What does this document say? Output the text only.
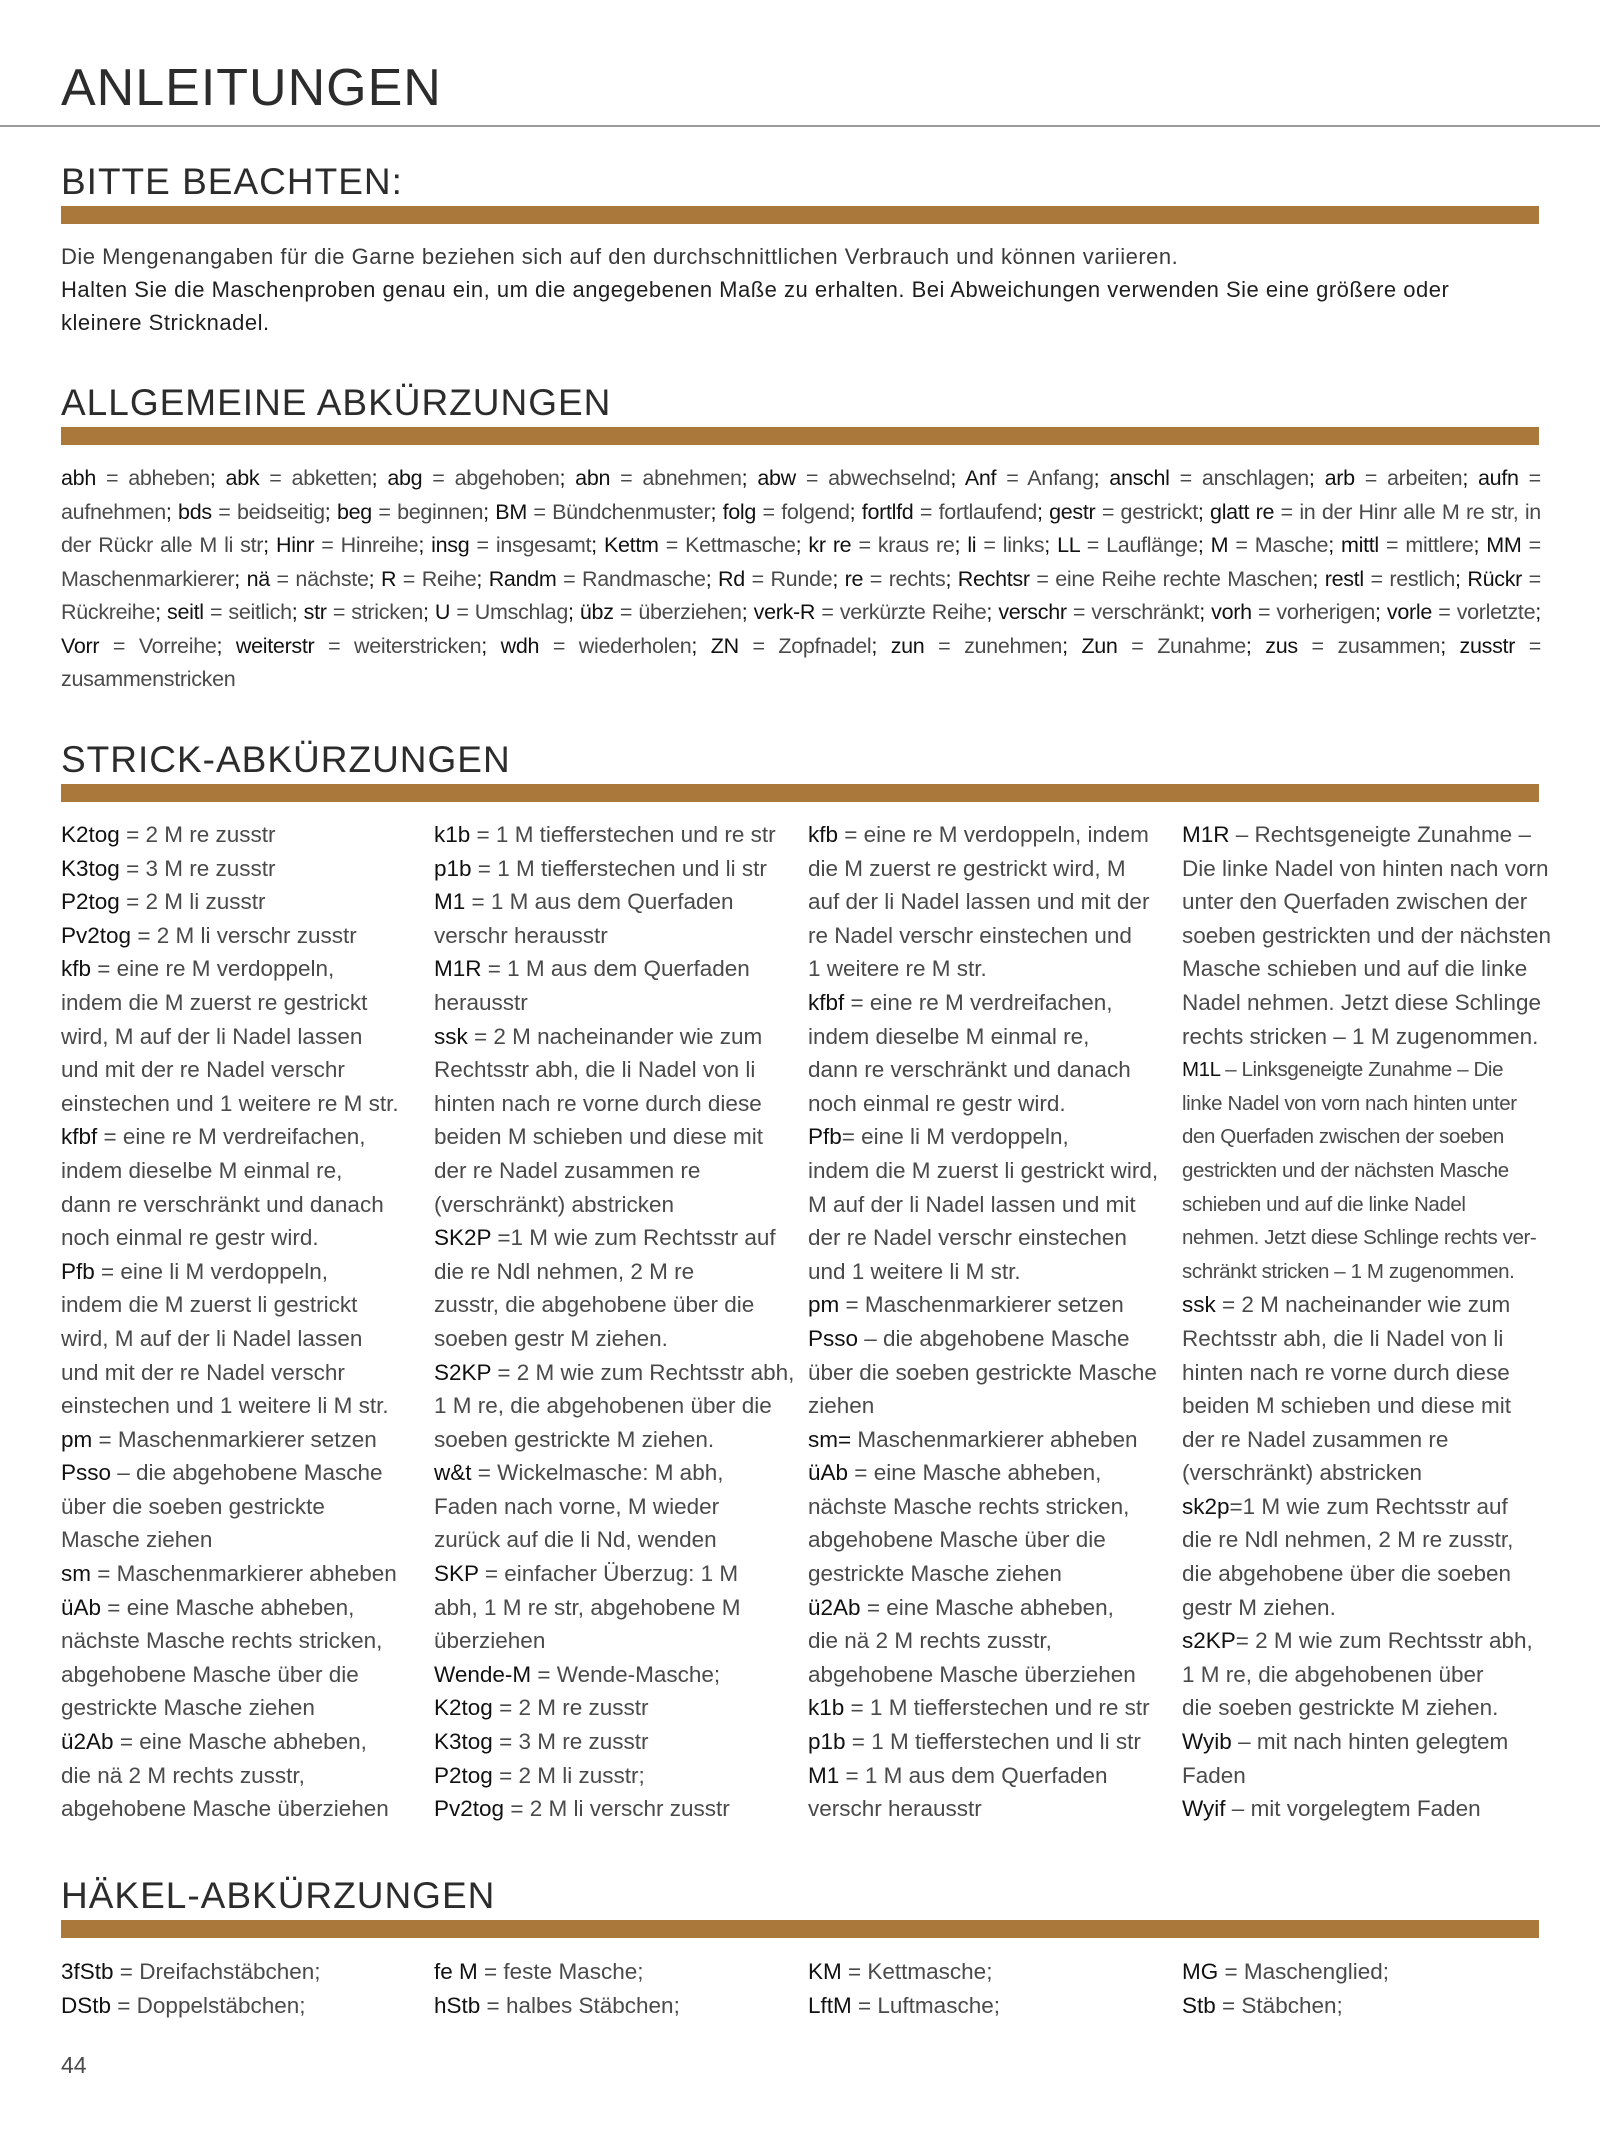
ANLEITUNGEN
BITTE BEACHTEN:
Die Mengenangaben für die Garne beziehen sich auf den durchschnittlichen Verbrauch und können variieren.
Halten Sie die Maschenproben genau ein, um die angegebenen Maße zu erhalten. Bei Abweichungen verwenden Sie eine größere oder
kleinere Stricknadel.
ALLGEMEINE ABKÜRZUNGEN
abh = abheben; abk = abketten; abg = abgehoben; abn = abnehmen; abw = abwechselnd; Anf = Anfang; anschl = anschlagen; arb = arbeiten; aufn = aufnehmen; bds = beidseitig; beg = beginnen; BM = Bündchenmuster; folg = folgend; fortlfd = fortlaufend; gestr = gestrickt; glatt re = in der Hinr alle M re str, in der Rückr alle M li str; Hinr = Hinreihe; insg = insgesamt; Kettm = Kettmasche; kr re = kraus re; li = links; LL = Lauflänge; M = Masche; mittl = mittlere; MM = Maschenmarkierer; nä = nächste; R = Reihe; Randm = Randmasche; Rd = Runde; re = rechts; Rechtsr = eine Reihe rechte Maschen; restl = restlich; Rückr = Rückreihe; seitl = seitlich; str = stricken; U = Umschlag; übz = überziehen; verk-R = verkürzte Reihe; verschr = verschränkt; vorh = vorherigen; vorle = vorletzte; Vorr = Vorreihe; weiterstr = weiterstricken; wdh = wiederholen; ZN = Zopfnadel; zun = zunehmen; Zun = Zunahme; zus = zusammen; zusstr = zusammenstricken
STRICK-ABKÜRZUNGEN
K2tog = 2 M re zusstr
K3tog = 3 M re zusstr
P2tog = 2 M li zusstr
Pv2tog = 2 M li verschr zusstr
kfb = eine re M verdoppeln,
indem die M zuerst re gestrickt
wird, M auf der li Nadel lassen
und mit der re Nadel verschr
einstechen und 1 weitere re M str.
kfbf = eine re M verdreifachen,
indem dieselbe M einmal re,
dann re verschränkt und danach
noch einmal re gestr wird.
Pfb = eine li M verdoppeln,
indem die M zuerst li gestrickt
wird, M auf der li Nadel lassen
und mit der re Nadel verschr
einstechen und 1 weitere li M str.
pm = Maschenmarkierer setzen
Psso – die abgehobene Masche
über die soeben gestrickte
Masche ziehen
sm = Maschenmarkierer abheben
üAb = eine Masche abheben,
nächste Masche rechts stricken,
abgehobene Masche über die
gestrickte Masche ziehen
ü2Ab = eine Masche abheben,
die nä 2 M rechts zusstr,
abgehobene Masche überziehen
k1b = 1 M tiefferstechen und re str
p1b = 1 M tiefferstechen und li str
M1 = 1 M aus dem Querfaden
verschr herausstr
M1R = 1 M aus dem Querfaden
herausstr
ssk = 2 M nacheinander wie zum
Rechtsstr abh, die li Nadel von li
hinten nach re vorne durch diese
beiden M schieben und diese mit
der re Nadel zusammen re
(verschränkt) abstricken
SK2P =1 M wie zum Rechtsstr auf
die re Ndl nehmen, 2 M re
zusstr, die abgehobene über die
soeben gestr M ziehen.
S2KP = 2 M wie zum Rechtsstr abh,
1 M re, die abgehobenen über die
soeben gestrickte M ziehen.
w&t = Wickelmasche: M abh,
Faden nach vorne, M wieder
zurück auf die li Nd, wenden
SKP = einfacher Überzug: 1 M
abh, 1 M re str, abgehobene M
überziehen
Wende-M = Wende-Masche;
K2tog = 2 M re zusstr
K3tog = 3 M re zusstr
P2tog = 2 M li zusstr;
Pv2tog = 2 M li verschr zusstr
kfb = eine re M verdoppeln, indem
die M zuerst re gestrickt wird, M
auf der li Nadel lassen und mit der
re Nadel verschr einstechen und
1 weitere re M str.
kfbf = eine re M verdreifachen,
indem dieselbe M einmal re,
dann re verschränkt und danach
noch einmal re gestr wird.
Pfb= eine li M verdoppeln,
indem die M zuerst li gestrickt wird,
M auf der li Nadel lassen und mit
der re Nadel verschr einstechen
und 1 weitere li M str.
pm = Maschenmarkierer setzen
Psso – die abgehobene Masche
über die soeben gestrickte Masche
ziehen
sm= Maschenmarkierer abheben
üAb = eine Masche abheben,
nächste Masche rechts stricken,
abgehobene Masche über die
gestrickte Masche ziehen
ü2Ab = eine Masche abheben,
die nä 2 M rechts zusstr,
abgehobene Masche überziehen
k1b = 1 M tiefferstechen und re str
p1b = 1 M tiefferstechen und li str
M1 = 1 M aus dem Querfaden
verschr herausstr
M1R – Rechtsgeneigte Zunahme –
Die linke Nadel von hinten nach vorn
unter den Querfaden zwischen der
soeben gestrickten und der nächsten
Masche schieben und auf die linke
Nadel nehmen. Jetzt diese Schlinge
rechts stricken – 1 M zugenommen.
M1L – Linksgeneigte Zunahme – Die
linke Nadel von vorn nach hinten unter
den Querfaden zwischen der soeben
gestrickten und der nächsten Masche
schieben und auf die linke Nadel
nehmen. Jetzt diese Schlinge rechts ver-
schränkt stricken – 1 M zugenommen.
ssk = 2 M nacheinander wie zum
Rechtsstr abh, die li Nadel von li
hinten nach re vorne durch diese
beiden M schieben und diese mit
der re Nadel zusammen re
(verschränkt) abstricken
sk2p=1 M wie zum Rechtsstr auf
die re Ndl nehmen, 2 M re zusstr,
die abgehobene über die soeben
gestr M ziehen.
s2KP= 2 M wie zum Rechtsstr abh,
1 M re, die abgehobenen über
die soeben gestrickte M ziehen.
Wyib – mit nach hinten gelegtem
Faden
Wyif – mit vorgelegtem Faden
HÄKEL-ABKÜRZUNGEN
3fStb = Dreifachstäbchen;
DStb = Doppelstäbchen;
fe M = feste Masche;
hStb = halbes Stäbchen;
KM = Kettmasche;
LftM = Luftmasche;
MG = Maschenglied;
Stb = Stäbchen;
44
